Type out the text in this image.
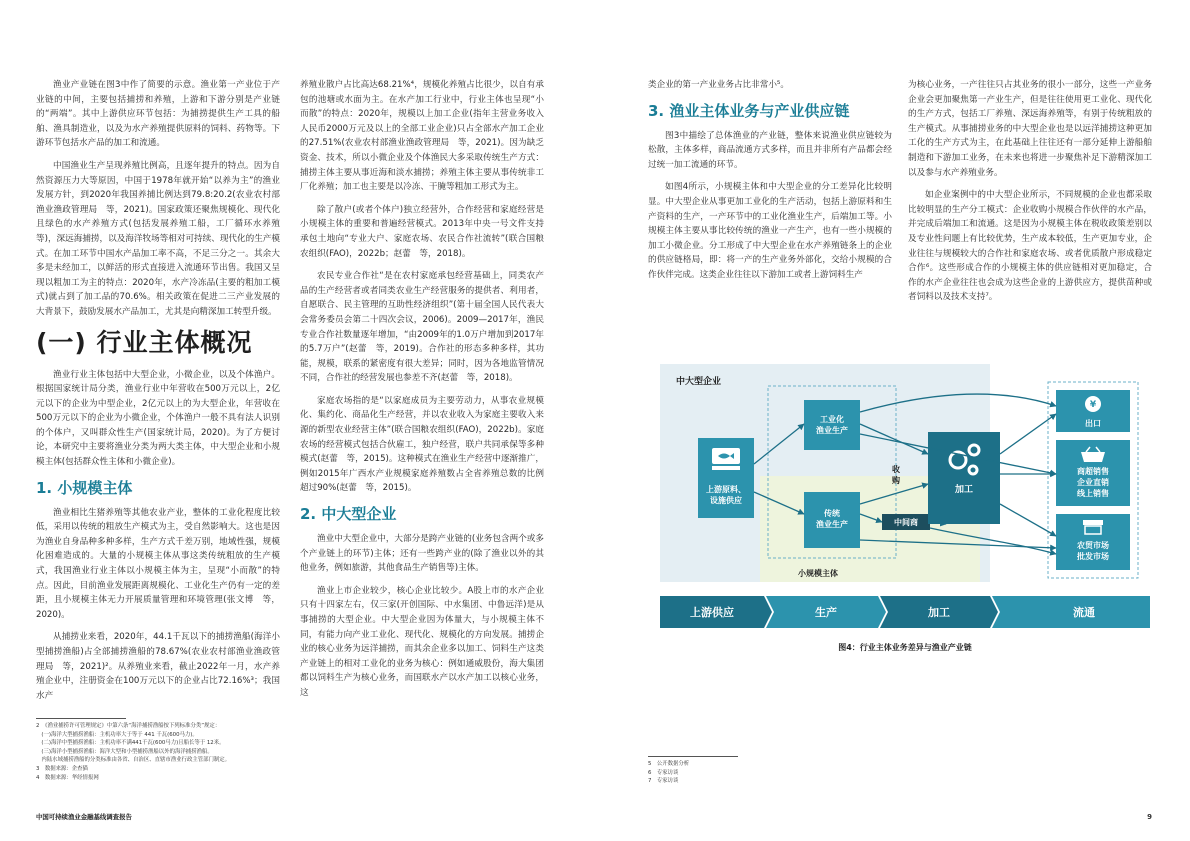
渔业产业链在图3中作了简要的示意。渔业第一产业位于产业链的中间，主要包括捕捞和养殖，上游和下游分别是产业链的“两端”。其中上游供应环节包括：为捕捞提供生产工具的船舶、渔具制造业，以及为水产养殖提供原料的饲料、药物等。下游环节包括水产品的加工和流通。

中国渔业生产呈现养殖比例高，且逐年提升的特点。因为自然资源压力大等原因，中国于1978年就开始“以养为主”的渔业发展方针，到2020年我国养捕比例达到79.8:20.2(农业农村部渔业渔政管理局　等，2021)。国家政策还聚焦规模化、现代化且绿色的水产养殖方式(包括发展养殖工船，工厂循环水养殖等)，深远海捕捞，以及海洋牧场等相对可持续、现代化的生产模式。在加工环节中国水产品加工率不高，不足三分之一。其余大多是未经加工，以鲜活的形式直接进入流通环节出售。我国又呈现以粗加工为主的特点：2020年，水产冷冻品(主要的粗加工模式)就占到了加工品的70.6%。相关政策在促进二三产业发展的大背景下，鼓励发展水产品加工，尤其是向精深加工转型升级。

(一) 行业主体概况

渔业行业主体包括中大型企业，小微企业，以及个体渔户。根据国家统计局分类，渔业行业中年营收在500万元以上，2亿元以下的企业为中型企业，2亿元以上的为大型企业，年营收在500万元以下的企业为小微企业，个体渔户一般不具有法人识别的个体户，又叫群众性生产(国家统计局，2020)。为了方便讨论，本研究中主要将渔业分类为两大类主体，中大型企业和小规模主体(包括群众性主体和小微企业)。

1. 小规模主体

渔业相比生猪养殖等其他农业产业，整体的工业化程度比较低，采用以传统的粗放生产模式为主，受自然影响大。这也是因为渔业自身品种多种多样，生产方式千差万别，地域性强，规模化困难造成的。大量的小规模主体从事这类传统粗放的生产模式，我国渔业行业主体以小规模主体为主，呈现“小而散”的特点。因此，目前渔业发展距离规模化、工业化生产仍有一定的差距，且小规模主体无力开展质量管理和环境管理(张文博　等，2020)。

从捕捞业来看，2020年，44.1千瓦以下的捕捞渔船(海洋小型捕捞渔船)占全部捕捞渔船的78.67%(农业农村部渔业渔政管理局　等，2021)²。从养殖业来看，截止2022年一月，水产养殖企业中，注册资金在100万元以下的企业占比72.16%³；我国水产

养殖业散户占比高达68.21%⁴，规模化养殖占比很少，以自有承包的池塘或水面为主。在水产加工行业中，行业主体也呈现“小而散”的特点：2020年，规模以上加工企业(指年主营业务收入人民币2000万元及以上的全部工业企业)只占全部水产加工企业的27.51%(农业农村部渔业渔政管理局　等，2021)。因为缺乏资金、技术，所以小微企业及个体渔民大多采取传统生产方式：捕捞主体主要从事近海和淡水捕捞；养殖主体主要从事传统非工厂化养殖；加工也主要是以冷冻、干腌等粗加工形式为主。

除了散户(或者个体户)独立经营外，合作经营和家庭经营是小规模主体的重要和普遍经营模式。2013年中央一号文件支持承包土地向“专业大户、家庭农场、农民合作社流转”(联合国粮农组织(FAO)，2022b；赵蕾　等，2018)。

农民专业合作社“是在农村家庭承包经营基础上，同类农产品的生产经营者或者同类农业生产经营服务的提供者、利用者，自愿联合、民主管理的互助性经济组织”(第十届全国人民代表大会常务委员会第二十四次会议，2006)。2009—2017年，渔民专业合作社数量逐年增加，“由2009年的1.0万户增加到2017年的5.7万户”(赵蕾　等，2019)。合作社的形态多种多样，其功能，规模，联系的紧密度有很大差异；同时，因为各地监管情况不同，合作社的经营发展也参差不齐(赵蕾　等，2018)。

家庭农场指的是“以家庭成员为主要劳动力，从事农业规模化、集约化、商品化生产经营，并以农业收入为家庭主要收入来源的新型农业经营主体”(联合国粮农组织(FAO)，2022b)。家庭农场的经营模式包括合伙雇工，独户经营，联户共同承保等多种模式(赵蕾　等，2015)。这种模式在渔业生产经营中逐渐推广，例如2015年广西水产业规模家庭养殖数占全省养殖总数的比例超过90%(赵蕾　等，2015)。

2. 中大型企业

渔业中大型企业中，大部分是跨产业链的(业务包含两个或多个产业链上的环节)主体；还有一些跨产业的(除了渔业以外的其他业务，例如旅游，其他食品生产销售等)主体。

渔业上市企业较少，核心企业比较少。A股上市的水产企业只有十四家左右，仅三家(开创国际、中水集团、中鲁远洋)是从事捕捞的大型企业。中大型企业因为体量大，与小规模主体不同，有能力向产业工业化、现代化、规模化的方向发展。捕捞企业的核心业务为远洋捕捞，而其余企业多以加工、饲料生产这类产业链上的相对工业化的业务为核心：例如通威股份，海大集团都以饲料生产为核心业务，而国联水产以水产加工以核心业务，这

类企业的第一产业业务占比非常小⁵。

3. 渔业主体业务与产业供应链

图3中描绘了总体渔业的产业链，整体来说渔业供应链较为松散，主体多样，商品流通方式多样，而且并非所有产品都会经过统一加工流通的环节。

如图4所示，小规模主体和中大型企业的分工差异化比较明显。中大型企业从事更加工业化的生产活动，包括上游原料和生产资料的生产，一产环节中的工业化渔业生产，后端加工等。小规模主体主要从事比较传统的渔业一产生产，也有一些小规模的加工小微企业。分工形成了中大型企业在水产养殖链条上的企业的供应链格局，即：将一产的生产业务外部化，交给小规模的合作伙伴完成。这类企业往往以下游加工或者上游饲料生产

为核心业务，一产往往只占其业务的很小一部分，这些一产业务企业会更加聚焦第一产业生产，但是往往使用更工业化、现代化的生产方式，包括工厂养殖、深远海养殖等，有别于传统粗放的生产模式。从事捕捞业务的中大型企业也是以远洋捕捞这种更加工化的生产方式为主，在此基础上往往还有一部分延伸上游船舶制造和下游加工业务，在未来也将进一步聚焦补足下游精深加工以及参与水产养殖业务。

如企业案例中的中大型企业所示，不同规模的企业也都采取比较明显的生产分工模式：企业收购小规模合作伙伴的水产品，并完成后端加工和流通。这是因为小规模主体在税收政策差别以及专业性问题上有比较优势，生产成本较低，生产更加专业，企业往往与规模较大的合作社和家庭农场、或者优质散户形成稳定合作⁶。这些形成合作的小规模主体的供应链相对更加稳定，合作的水产企业往往也会成为这些企业的上游供应方，提供苗种或者饲料以及技术支持⁷。

中大型企业
小规模主体
上游原料、设施供应
工业化渔业生产
传统渔业生产	中间商
收购
加工
¥
出口
商超销售企业直销线上销售
农贸市场批发市场
上游供应	生产	加工	流通
图4：行业主体业务差异与渔业产业链
2　《渔业捕捞许可管理规定》中第六条“海洋捕捞渔船按下列标准分类”规定：
　(一)海洋大型捕捞渔船：主机功率大于等于 441 千瓦(600马力)。
　(二)海洋中型捕捞渔船：主机功率不满441千瓦(600马力)且船长等于 12米。
　(三)海洋小型捕捞渔船：海洋大型和小型捕捞渔船以外的海洋捕捞渔船。
　内陆水域捕捞渔船的分类标准由各省、自治区、直辖市渔业行政主管部门制定。
3　数据来源：企查猫
4　数据来源：华经情报网
5　公开数据分析
6　专家访谈
7　专家访谈
中国可持续渔业金融基线调查报告	9
